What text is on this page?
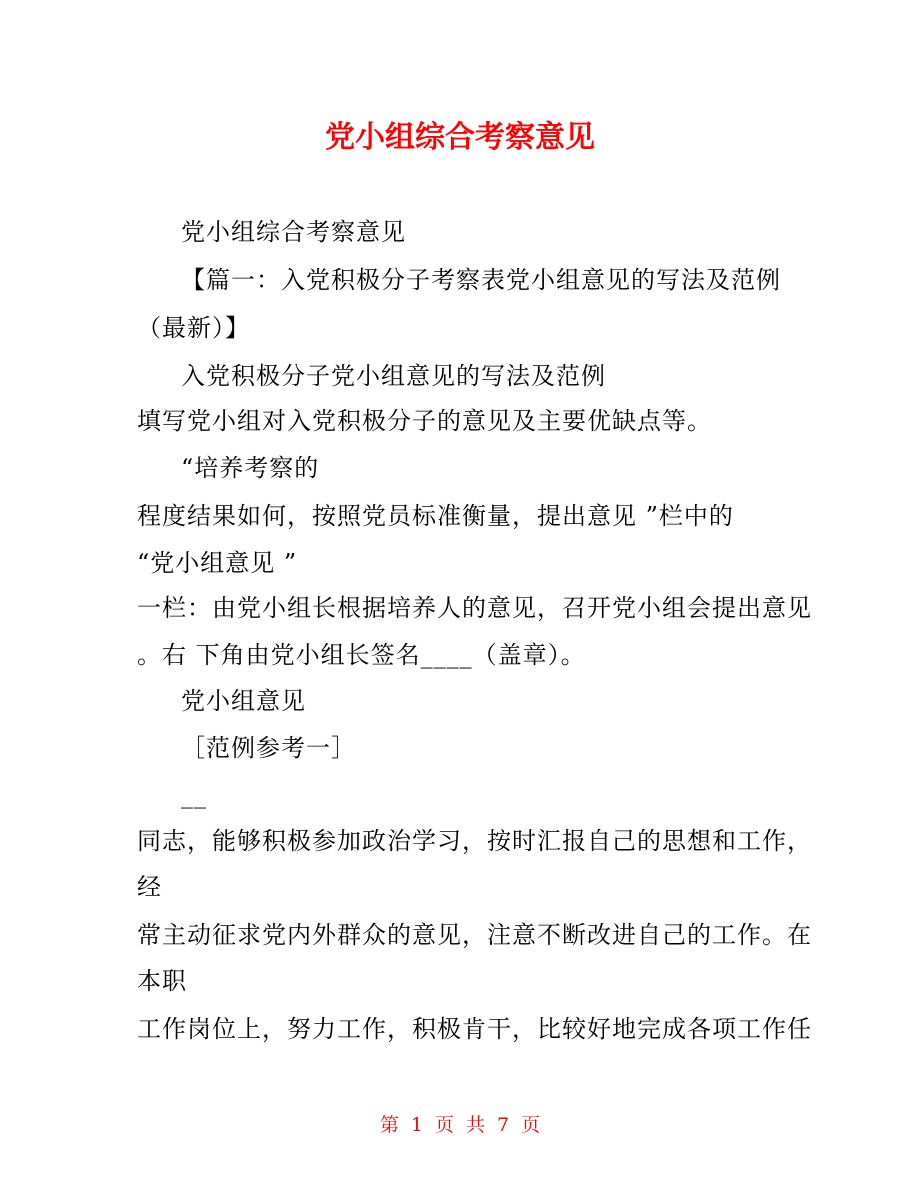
党小组综合考察意见
党小组综合考察意见
【篇一：入党积极分子考察表党小组意见的写法及范例
（最新）】
入党积极分子党小组意见的写法及范例
填写党小组对入党积极分子的意见及主要优缺点等。
“培养考察的
程度结果如何，按照党员标准衡量，提出意见 ”栏中的
“党小组意见 ”
一栏：由党小组长根据培养人的意见，召开党小组会提出意见
。右 下角由党小组长签名____（盖章）。
党小组意见
［范例参考一］
__
同志，能够积极参加政治学习，按时汇报自己的思想和工作，
经
常主动征求党内外群众的意见，注意不断改进自己的工作。在
本职
工作岗位上，努力工作，积极肯干，比较好地完成各项工作任
第 1 页 共 7 页
